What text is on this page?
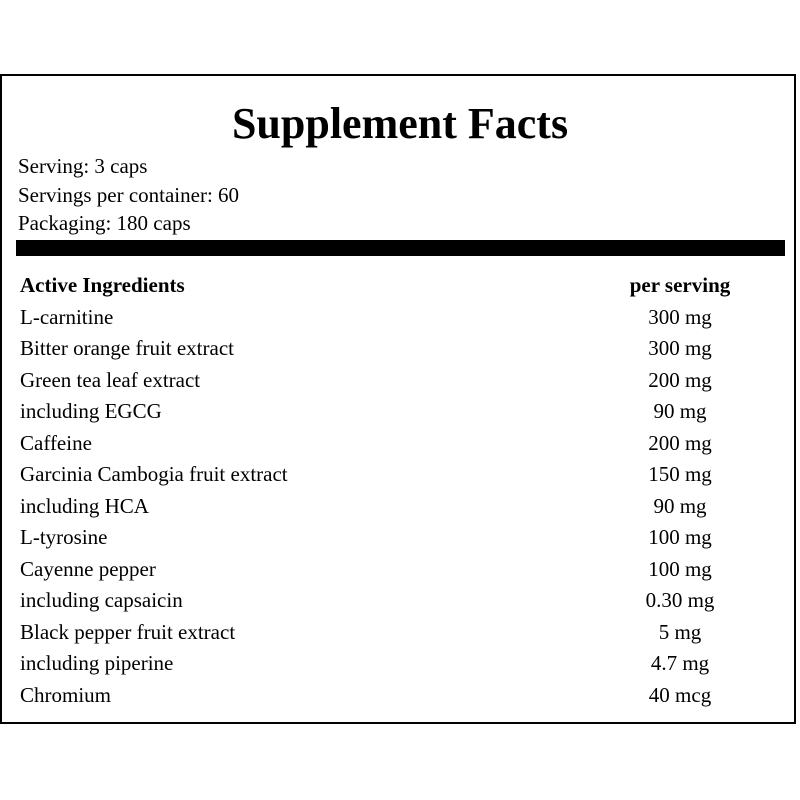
Supplement Facts
Serving: 3 caps
Servings per container: 60
Packaging: 180 caps
Active Ingredients	per serving
L-carnitine	300 mg
Bitter orange fruit extract	300 mg
Green tea leaf extract	200 mg
including EGCG	90 mg
Caffeine	200 mg
Garcinia Cambogia fruit extract	150 mg
including HCA	90 mg
L-tyrosine	100 mg
Cayenne pepper	100 mg
including capsaicin	0.30 mg
Black pepper fruit extract	5 mg
including piperine	4.7 mg
Chromium	40 mcg
